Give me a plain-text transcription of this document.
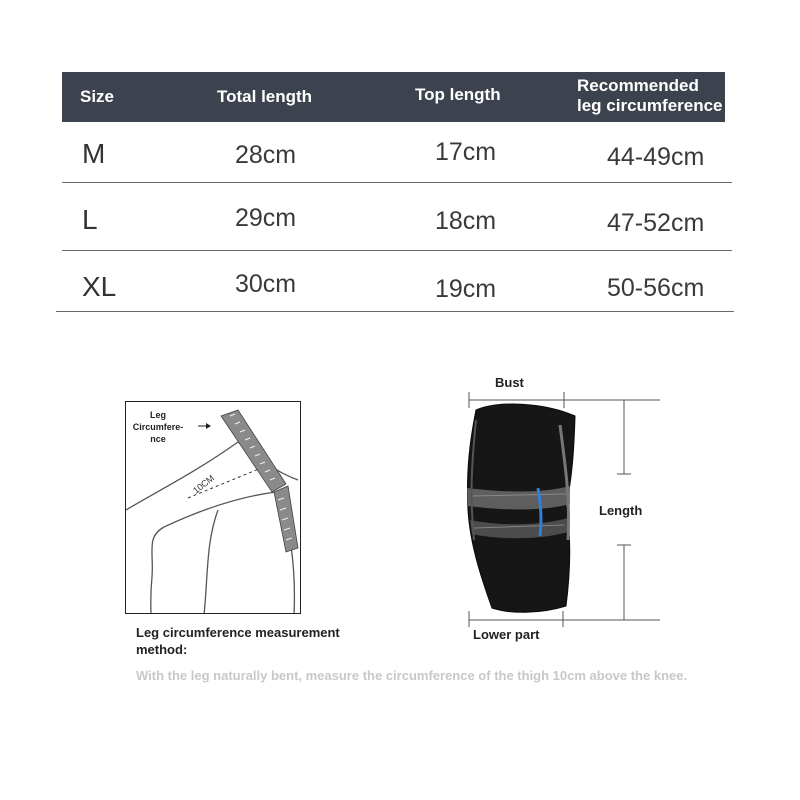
Size	Total length	Top length	Recommended
leg circumference
M	28cm	17cm	44-49cm
L	29cm	18cm	47-52cm
XL	30cm	19cm	50-56cm
10CM
Leg
Circumfere-
nce
Leg circumference measurement method:
With the leg naturally bent, measure the circumference of the thigh 10cm above the knee.
Bust
Length
Lower part
